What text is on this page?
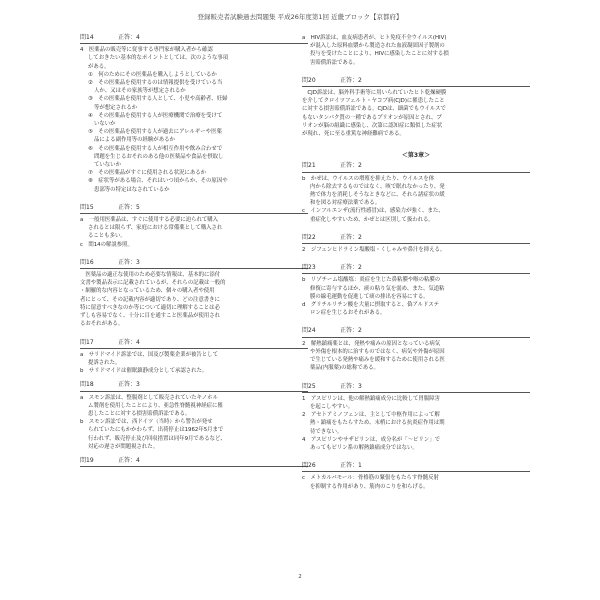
登録販売者試験過去問題集 平成26年度第1回 近畿ブロック【京都府】
問14	正答：4
4　医薬品の販売等に従事する専門家が購入者から確認
しておきたい基本的なポイントとしては、次のような事項
がある。
①　何のためにその医薬品を購入しようとしているか
②　その医薬品を使用するのは情報提供を受けている当
人か、又はその家族等が想定されるか
③　その医薬品を使用する人として、小児や高齢者、妊婦
等が想定されるか
④　その医薬品を使用する人が医療機関で治療を受けて
いないか
⑤　その医薬品を使用する人が過去にアレルギーや医薬
品による副作用等の経験があるか
⑥　その医薬品を使用する人が相互作用や飲み合わせで
問題を生じるおそれのある他の医薬品や食品を摂取し
ていないか
⑦　その医薬品がすぐに使用される状況にあるか
⑧　症状等がある場合、それはいつ頃からか、その原因や
患部等の特定はなされているか
問15	正答：5
a　一般用医薬品は、すぐに使用する必要に迫られて購入
されるとは限らず、家庭における常備薬として購入され
ることも多い。
c　問14の解説参照。
問16	正答：3
　医薬品の適正な使用のため必要な情報は、基本的に添付
文書や製品表示に記載されているが、それらの記載は一般的
・網羅的な内容となっているため、個々の購入者や使用
者にとって、その記載内容が適切であり、どの注意書きに
特に留意すべきなのか等について適切に理解することは必
ずしも容易でなく、十分に目を通すこと医薬品が使用され
るおそれがある。
問17	正答：4
a　サリドマイド訴訟では、国及び製薬企業が被告として
提訴された。
b　サリドマイドは催眠鎮静成分として承認された。
問18	正答：3
a　スモン訴訟は、整腸剤として販売されていたキノホル
ム製剤を使用したことにより、亜急性脊髄視神経症に罹
患したことに対する損害賠償訴訟である。
b　スモン訴訟では、西ドイツ（当時）から警告が発せ
られていたにもかかわらず、出荷停止は1962年5月まで
行われず、販売停止及び回収措置は同年9月であるなど、
対応の遅さが問題視された。
問19	正答：4
a　HIV訴訟は、血友病患者が、ヒト免疫不全ウイルス(HIV)
が混入した原料血漿から製造された血液凝固因子製剤の
投与を受けたことにより、HIVに感染したことに対する損
害賠償訴訟である。
問20	正答：2
　CJD訴訟は、脳外科手術等に用いられていたヒト乾燥硬膜
を介してクロイツフェルト・ヤコブ病(CJD)に罹患したこと
に対する損害賠償訴訟である。CJDは、細菌でもウイルスで
もないタンパク質の一種であるプリオンが原因とされ、プ
リオンが脳の組織に感染し、次第に認知症に類似した症状
が現れ、死に至る重篤な神経難病である。
＜第3章＞
問21	正答：2
b　かぜは、ウイルスの増殖を抑えたり、ウイルスを体
内から除去するものではなく、咳で眠れなかったり、発
熱で体力を消耗しそうなときなどに、それら諸症状の緩
和を図る対症療法薬である。
c　インフルエンザ(流行性感冒)は、感染力が強く、また、
重症化しやすいため、かぜとは区別して扱われる。
問22	正答：2
2　ジフェンヒドラミン塩酸塩・くしゃみや鼻汁を抑える。
問23	正答：2
b　リゾチーム塩酸塩：炎症を生じた鼻粘膜や喉の粘膜の
修復に寄与するほか、痰の粘り気を弱め、また、気道粘
膜の線毛運動を促進して痰の排出を容易にする。
d　グリチルリチン酸を大量に摂取すると、偽アルドステ
ロン症を生じるおそれがある。
問24	正答：2
2　解熱鎮痛薬とは、発熱や痛みの原因となっている病気
や外傷を根本的に治すものではなく、病気や外傷が原因
で生じている発熱や痛みを緩和するために使用される医
薬品(内服薬)の総称である。
問25	正答：3
1　アスピリンは、他の解熱鎮痛成分に比較して胃腸障害
を起こしやすい。
2　アセトアミノフェンは、主として中枢作用によって解
熱・鎮痛をもたらすため、末梢における抗炎症作用は期
待できない。
4　アスピリンやサザピリンは、成分名が「〜ピリン」で
あってもピリン系の解熱鎮痛成分ではない。
問26	正答：1
c　メトカルバモール：骨格筋の緊張をもたらす脊髄反射
を抑制する作用があり、筋肉のこりを和らげる。
2
